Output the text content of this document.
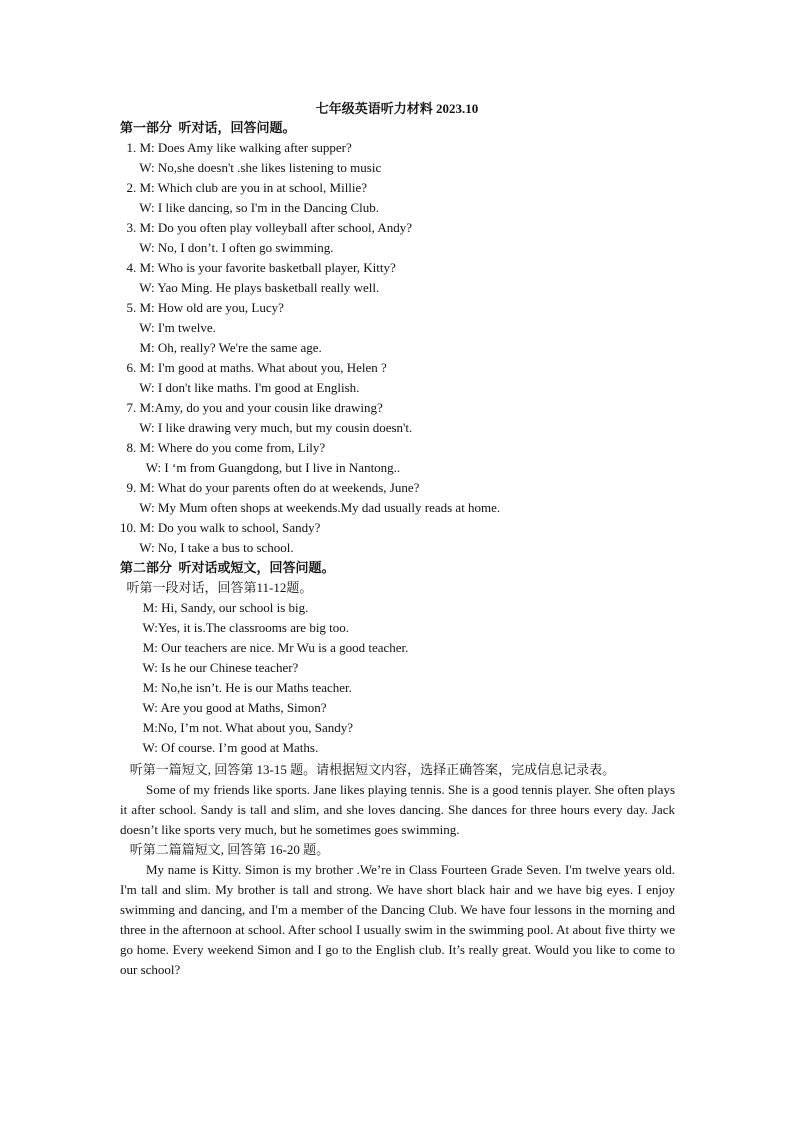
七年级英语听力材料 2023.10
第一部分  听对话，回答问题。
1. M: Does Amy like walking after supper?
W: No,she doesn't .she likes listening to music
2. M: Which club are you in at school, Millie?
W: I like dancing, so I'm in the Dancing Club.
3. M: Do you often play volleyball after school, Andy?
W: No, I don’t. I often go swimming.
4. M: Who is your favorite basketball player, Kitty?
W: Yao Ming. He plays basketball really well.
5. M: How old are you, Lucy?
W: I'm twelve.
M: Oh, really? We're the same age.
6. M: I'm good at maths. What about you, Helen ?
W: I don't like maths. I'm good at English.
7. M:Amy, do you and your cousin like drawing?
W: I like drawing very much, but my cousin doesn't.
8. M: Where do you come from, Lily?
W: I ‘m from Guangdong, but I live in Nantong..
9. M: What do your parents often do at weekends, June?
W: My Mum often shops at weekends.My dad usually reads at home.
10. M: Do you walk to school, Sandy?
W: No, I take a bus to school.
第二部分  听对话或短文，回答问题。
听第一段对话，回答第11-12题。
M: Hi, Sandy, our school is big.
W:Yes, it is.The classrooms are big too.
M: Our teachers are nice. Mr Wu is a good teacher.
W: Is he our Chinese teacher?
M: No,he isn’t. He is our Maths teacher.
W: Are you good at Maths, Simon?
M:No, I’m not. What about you, Sandy?
W: Of course. I’m good at Maths.
听第一篇短文, 回答第 13-15 题。请根据短文内容，选择正确答案，完成信息记录表。

Some of my friends like sports. Jane likes playing tennis. She is a good tennis player. She often plays it after school. Sandy is tall and slim, and she loves dancing. She dances for three hours every day. Jack doesn’t like sports very much, but he sometimes goes swimming.

听第二篇篇短文, 回答第 16-20 题。

My name is Kitty. Simon is my brother .We’re in Class Fourteen Grade Seven. I'm twelve years old. I'm tall and slim. My brother is tall and strong. We have short black hair and we have big eyes. I enjoy swimming and dancing, and I'm a member of the Dancing Club. We have four lessons in the morning and three in the afternoon at school. After school I usually swim in the swimming pool. At about five thirty we go home. Every weekend Simon and I go to the English club. It’s really great. Would you like to come to our school?
